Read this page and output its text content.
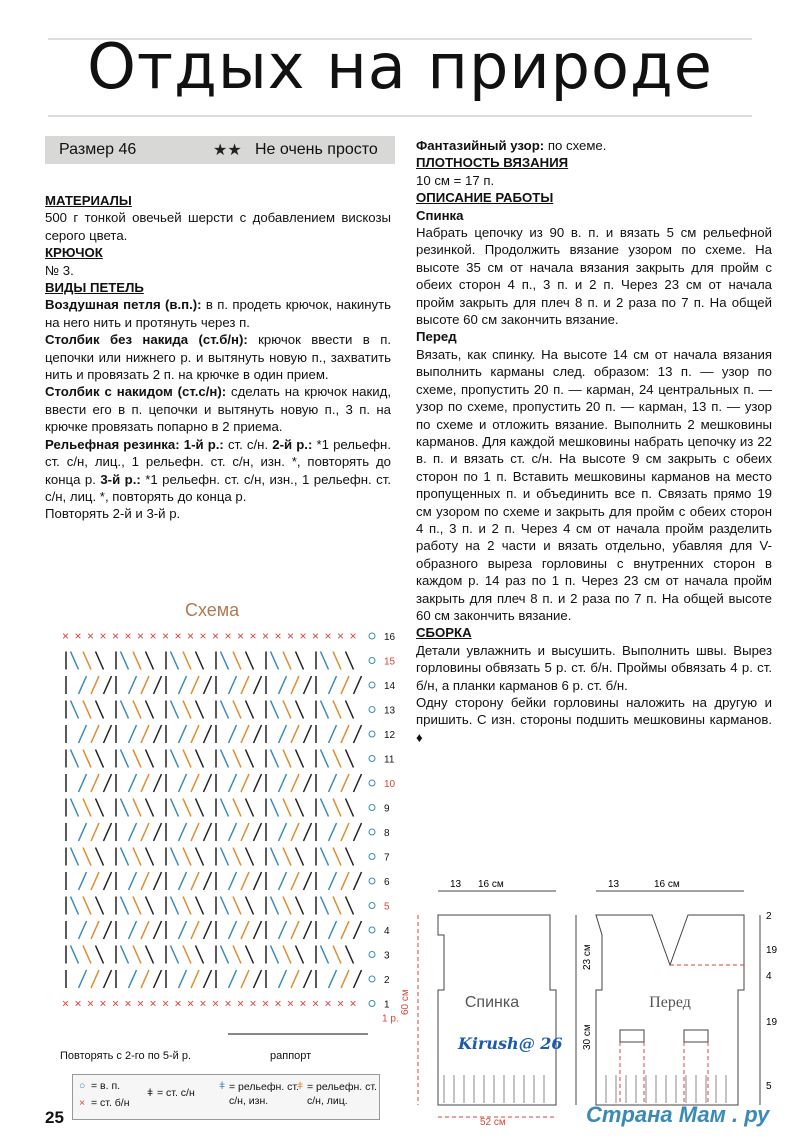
Отдых на природе
Размер 46	★★ Не очень просто

МАТЕРИАЛЫ

500 г тонкой овечьей шерсти с добавлением вискозы серого цвета.

КРЮЧОК

№ 3.

ВИДЫ ПЕТЕЛЬ

Воздушная петля (в.п.): в п. продеть крючок, накинуть на него нить и протянуть через п.

Столбик без накида (ст.б/н): крючок ввести в п. цепочки или нижнего р. и вытянуть новую п., захватить нить и провязать 2 п. на крючке в один прием.

Столбик с накидом (ст.с/н): сделать на крючок накид, ввести его в п. цепочки и вытянуть новую п., 3 п. на крючке провязать попарно в 2 приема.

Рельефная резинка: 1-й р.: ст. с/н. 2-й р.: *1 рельефн. ст. с/н, лиц., 1 рельефн. ст. с/н, изн. *, повторять до конца р. 3-й р.: *1 рельефн. ст. с/н, изн., 1 рельефн. ст. с/н, лиц. *, повторять до конца р.

Повторять 2-й и 3-й р.

Фантазийный узор: по схеме.

ПЛОТНОСТЬ ВЯЗАНИЯ

10 см = 17 п.

ОПИСАНИЕ РАБОТЫ

Спинка

Набрать цепочку из 90 в. п. и вязать 5 см рельефной резинкой. Продолжить вязание узором по схеме. На высоте 35 см от начала вязания закрыть для пройм с обеих сторон 4 п., 3 п. и 2 п. Через 23 см от начала пройм закрыть для плеч 8 п. и 2 раза по 7 п. На общей высоте 60 см закончить вязание.

Перед

Вязать, как спинку. На высоте 14 см от начала вязания выполнить карманы след. образом: 13 п. — узор по схеме, пропустить 20 п. — карман, 24 центральных п. — узор по схеме, пропустить 20 п. — карман, 13 п. — узор по схеме и отложить вязание. Выполнить 2 мешковины карманов. Для каждой мешковины набрать цепочку из 22 в. п. и вязать ст. с/н. На высоте 9 см закрыть с обеих сторон по 1 п. Вставить мешковины карманов на место пропущенных п. и объединить все п. Связать прямо 19 см узором по схеме и закрыть для пройм с обеих сторон 4 п., 3 п. и 2 п. Через 4 см от начала пройм разделить работу на 2 части и вязать отдельно, убавляя для V-образного выреза горловины с внутренних сторон в каждом р. 14 раз по 1 п. Через 23 см от начала пройм закрыть для плеч 8 п. и 2 раза по 7 п. На общей высоте 60 см закончить вязание.

СБОРКА

Детали увлажнить и высушить. Выполнить швы. Вырез горловины обвязать 5 р. ст. б/н. Проймы обвязать 4 р. ст. б/н, а планки карманов 6 р. ст. б/н.

Одну сторону бейки горловины наложить на другую и пришить. С изн. стороны подшить мешковины карманов. ♦

Схема
16
× × × × × × × × × × × × × × × × × × × × × × × ×
15
14
13
12
11
10
9
8
7
6
5
4
3
2
1
× × × × × × × × × × × × × × × × × × × × × × × ×
1 р.
Повторять с 2-го по 5-й р.	раппорт
○ = в. п.
× = ст. б/н
ǂ = ст. с/н
ǂ = рельефн. ст. с/н, изн.
ǂ = рельефн. ст. с/н, лиц.
Спинка	Перед
13 16 см	13	16 см
52 см
60 см
23 см
30 см
2
19
4
19
5
Kirush@ 26
25	Страна Мам . ру
